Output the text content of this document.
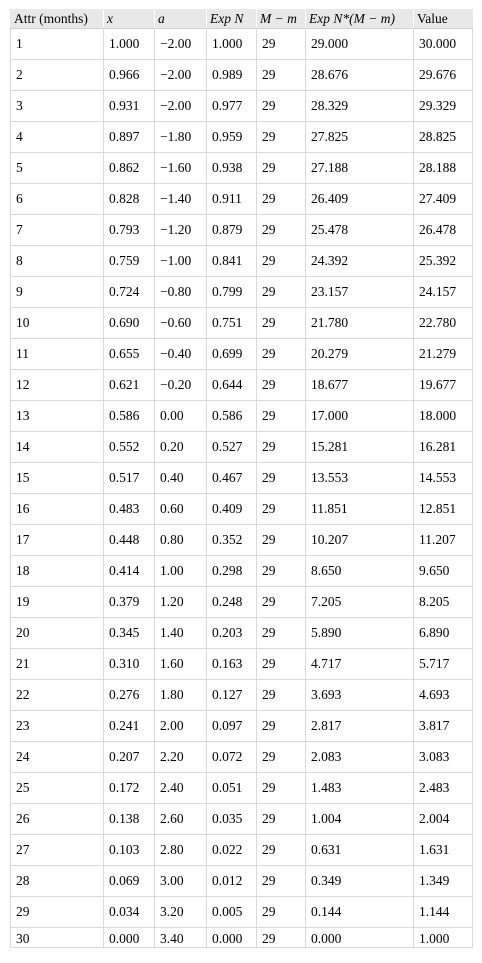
Attr (months)	x	a	Exp N	M − m	Exp N*(M − m)	Value
1	1.000	−2.00	1.000	29	29.000	30.000
2	0.966	−2.00	0.989	29	28.676	29.676
3	0.931	−2.00	0.977	29	28.329	29.329
4	0.897	−1.80	0.959	29	27.825	28.825
5	0.862	−1.60	0.938	29	27.188	28.188
6	0.828	−1.40	0.911	29	26.409	27.409
7	0.793	−1.20	0.879	29	25.478	26.478
8	0.759	−1.00	0.841	29	24.392	25.392
9	0.724	−0.80	0.799	29	23.157	24.157
10	0.690	−0.60	0.751	29	21.780	22.780
11	0.655	−0.40	0.699	29	20.279	21.279
12	0.621	−0.20	0.644	29	18.677	19.677
13	0.586	0.00	0.586	29	17.000	18.000
14	0.552	0.20	0.527	29	15.281	16.281
15	0.517	0.40	0.467	29	13.553	14.553
16	0.483	0.60	0.409	29	11.851	12.851
17	0.448	0.80	0.352	29	10.207	11.207
18	0.414	1.00	0.298	29	8.650	9.650
19	0.379	1.20	0.248	29	7.205	8.205
20	0.345	1.40	0.203	29	5.890	6.890
21	0.310	1.60	0.163	29	4.717	5.717
22	0.276	1.80	0.127	29	3.693	4.693
23	0.241	2.00	0.097	29	2.817	3.817
24	0.207	2.20	0.072	29	2.083	3.083
25	0.172	2.40	0.051	29	1.483	2.483
26	0.138	2.60	0.035	29	1.004	2.004
27	0.103	2.80	0.022	29	0.631	1.631
28	0.069	3.00	0.012	29	0.349	1.349
29	0.034	3.20	0.005	29	0.144	1.144
30	0.000	3.40	0.000	29	0.000	1.000
